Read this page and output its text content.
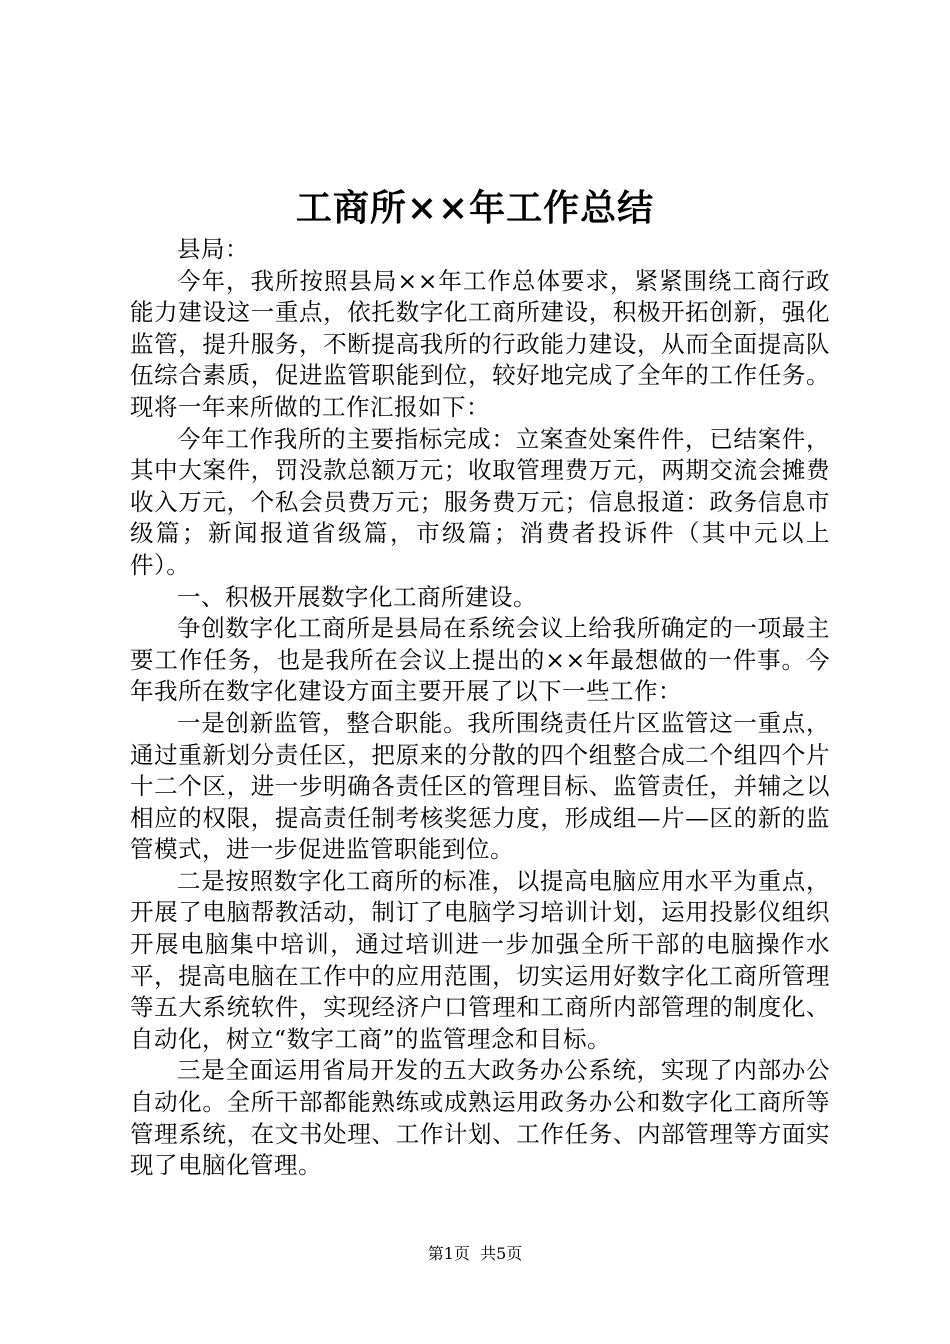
工商所××年工作总结

县局：

今年，我所按照县局××年工作总体要求，紧紧围绕工商行政能力建设这一重点，依托数字化工商所建设，积极开拓创新，强化监管，提升服务，不断提高我所的行政能力建设，从而全面提高队伍综合素质，促进监管职能到位，较好地完成了全年的工作任务。现将一年来所做的工作汇报如下：

今年工作我所的主要指标完成：立案查处案件件，已结案件，其中大案件，罚没款总额万元；收取管理费万元，两期交流会摊费收入万元，个私会员费万元；服务费万元；信息报道：政务信息市级篇；新闻报道省级篇，市级篇；消费者投诉件（其中元以上件）。

一、积极开展数字化工商所建设。

争创数字化工商所是县局在系统会议上给我所确定的一项最主要工作任务，也是我所在会议上提出的××年最想做的一件事。今年我所在数字化建设方面主要开展了以下一些工作：

一是创新监管，整合职能。我所围绕责任片区监管这一重点，通过重新划分责任区，把原来的分散的四个组整合成二个组四个片十二个区，进一步明确各责任区的管理目标、监管责任，并辅之以相应的权限，提高责任制考核奖惩力度，形成组—片—区的新的监管模式，进一步促进监管职能到位。

二是按照数字化工商所的标准，以提高电脑应用水平为重点，开展了电脑帮教活动，制订了电脑学习培训计划，运用投影仪组织开展电脑集中培训，通过培训进一步加强全所干部的电脑操作水平，提高电脑在工作中的应用范围，切实运用好数字化工商所管理等五大系统软件，实现经济户口管理和工商所内部管理的制度化、自动化，树立“数字工商”的监管理念和目标。

三是全面运用省局开发的五大政务办公系统，实现了内部办公自动化。全所干部都能熟练或成熟运用政务办公和数字化工商所等管理系统，在文书处理、工作计划、工作任务、内部管理等方面实现了电脑化管理。

第1页 共5页
